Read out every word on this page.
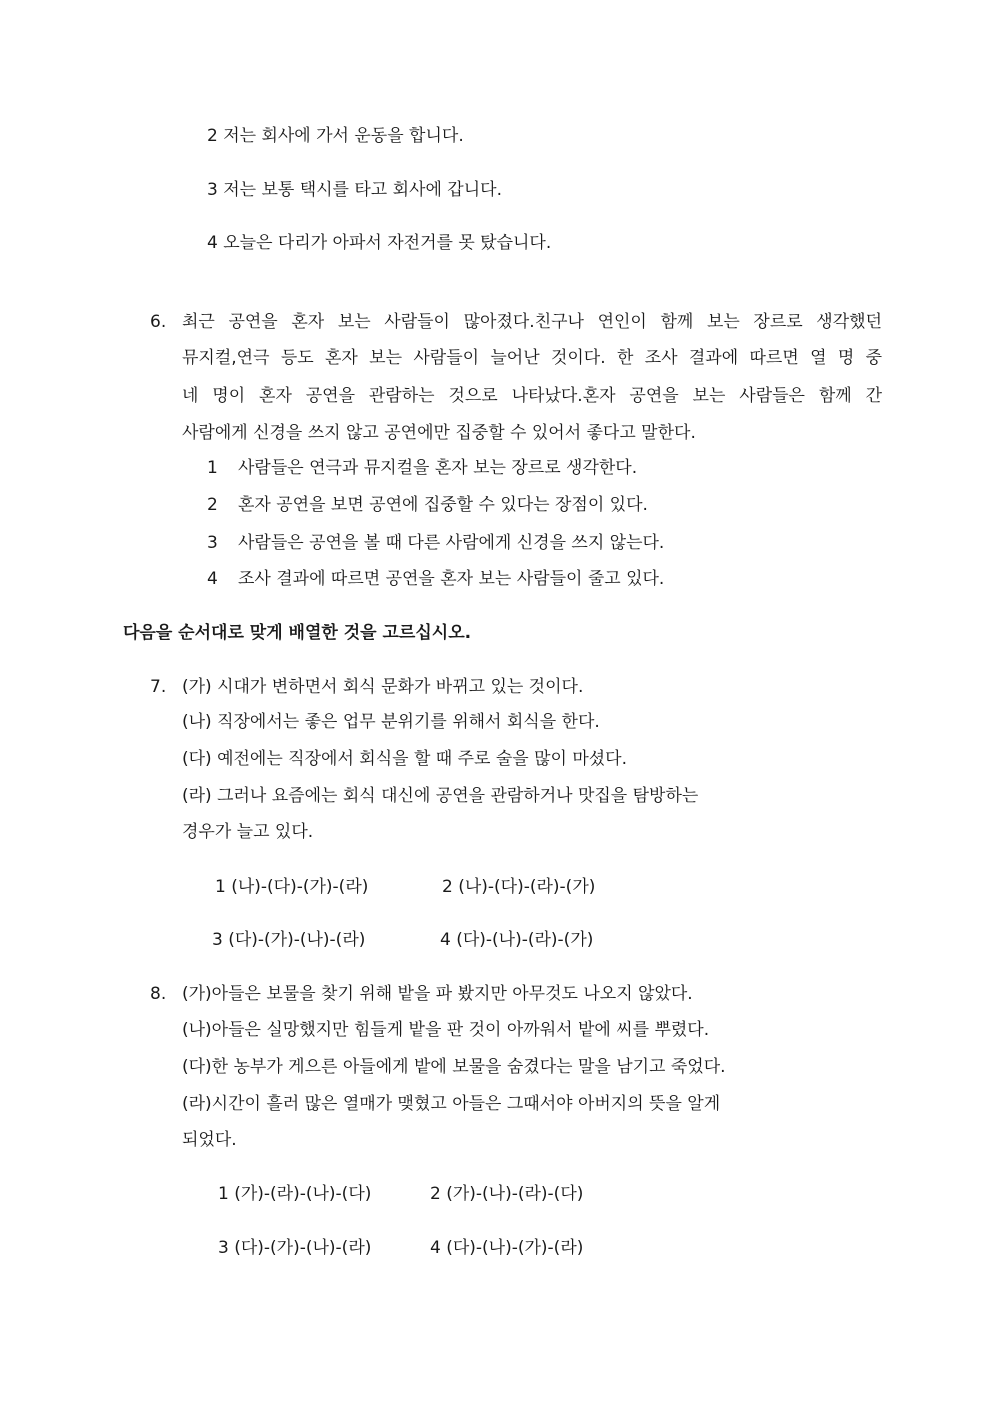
2 저는 회사에 가서 운동을 합니다.
3 저는 보통 택시를 타고 회사에 갑니다.
4 오늘은 다리가 아파서 자전거를 못 탔습니다.
6. 최근 공연을 혼자 보는 사람들이 많아졌다.친구나 연인이 함께 보는 장르로 생각했던
뮤지컬,연극 등도 혼자 보는 사람들이 늘어난 것이다. 한 조사 결과에 따르면 열 명 중
네 명이 혼자 공연을 관람하는 것으로 나타났다.혼자 공연을 보는 사람들은 함께 간
사람에게 신경을 쓰지 않고 공연에만 집중할 수 있어서 좋다고 말한다.
1 사람들은 연극과 뮤지컬을 혼자 보는 장르로 생각한다.
2 혼자 공연을 보면 공연에 집중할 수 있다는 장점이 있다.
3 사람들은 공연을 볼 때 다른 사람에게 신경을 쓰지 않는다.
4 조사 결과에 따르면 공연을 혼자 보는 사람들이 줄고 있다.
다음을 순서대로 맞게 배열한 것을 고르십시오.
7. (가) 시대가 변하면서 회식 문화가 바뀌고 있는 것이다.
(나) 직장에서는 좋은 업무 분위기를 위해서 회식을 한다.
(다) 예전에는 직장에서 회식을 할 때 주로 술을 많이 마셨다.
(라) 그러나 요즘에는 회식 대신에 공연을 관람하거나 맛집을 탐방하는
경우가 늘고 있다.
1 (나)-(다)-(가)-(라)	2 (나)-(다)-(라)-(가)
3 (다)-(가)-(나)-(라)	4 (다)-(나)-(라)-(가)
8. (가)아들은 보물을 찾기 위해 밭을 파 봤지만 아무것도 나오지 않았다.
(나)아들은 실망했지만 힘들게 밭을 판 것이 아까워서 밭에 씨를 뿌렸다.
(다)한 농부가 게으른 아들에게 밭에 보물을 숨겼다는 말을 남기고 죽었다.
(라)시간이 흘러 많은 열매가 맺혔고 아들은 그때서야 아버지의 뜻을 알게
되었다.
1 (가)-(라)-(나)-(다)	2 (가)-(나)-(라)-(다)
3 (다)-(가)-(나)-(라)	4 (다)-(나)-(가)-(라)
